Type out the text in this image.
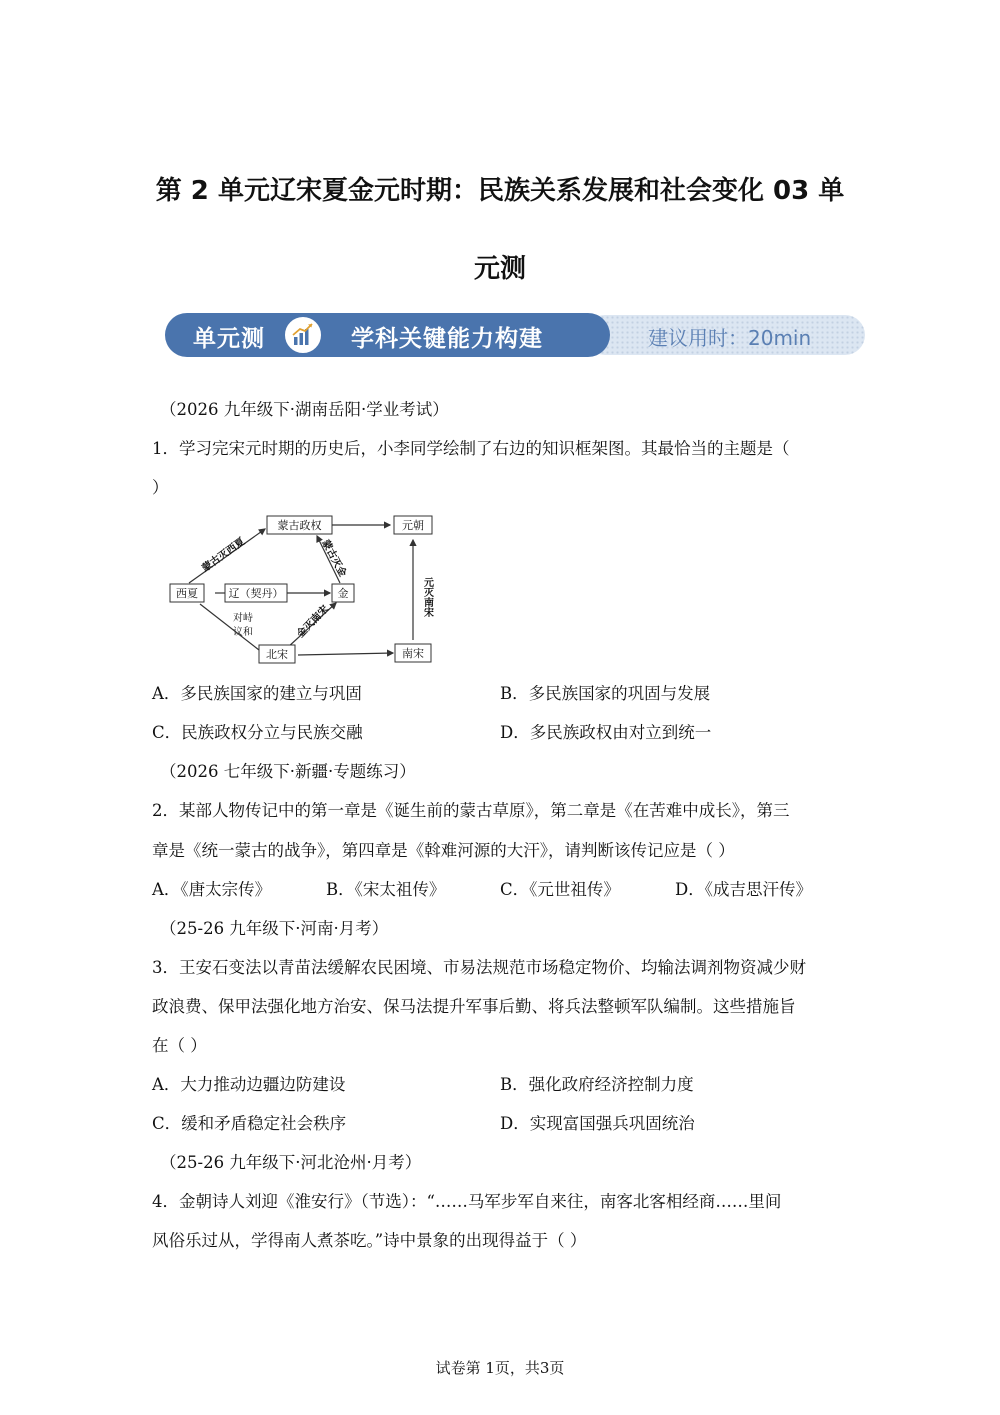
第 2 单元辽宋夏金元时期：民族关系发展和社会变化 03 单
元测
单元测	学科关键能力构建	建议用时：20min
（2026 九年级下·湖南岳阳·学业考试）
1．学习完宋元时期的历史后，小李同学绘制了右边的知识框架图。其最恰当的主题是（
）
蒙古政权	元朝
西夏	辽（契丹）	金
北宋	南宋
蒙古灭西夏	蒙古灭金
元灭南宋
金灭南宋
对峙
议和
A．多民族国家的建立与巩固	B．多民族国家的巩固与发展
C．民族政权分立与民族交融	D．多民族政权由对立到统一
（2026 七年级下·新疆·专题练习）
2．某部人物传记中的第一章是《诞生前的蒙古草原》，第二章是《在苦难中成长》，第三
章是《统一蒙古的战争》，第四章是《斡难河源的大汗》，请判断该传记应是（ ）
A．《唐太宗传》	B．《宋太祖传》	C．《元世祖传》	D．《成吉思汗传》
（25-26 九年级下·河南·月考）
3．王安石变法以青苗法缓解农民困境、市易法规范市场稳定物价、均输法调剂物资减少财
政浪费、保甲法强化地方治安、保马法提升军事后勤、将兵法整顿军队编制。这些措施旨
在（ ）
A．大力推动边疆边防建设	B．强化政府经济控制力度
C．缓和矛盾稳定社会秩序	D．实现富国强兵巩固统治
（25-26 九年级下·河北沧州·月考）
4．金朝诗人刘迎《淮安行》（节选）：“……马军步军自来往，南客北客相经商……里间
风俗乐过从，学得南人煮茶吃。”诗中景象的出现得益于（ ）
试卷第 1页，共3页
